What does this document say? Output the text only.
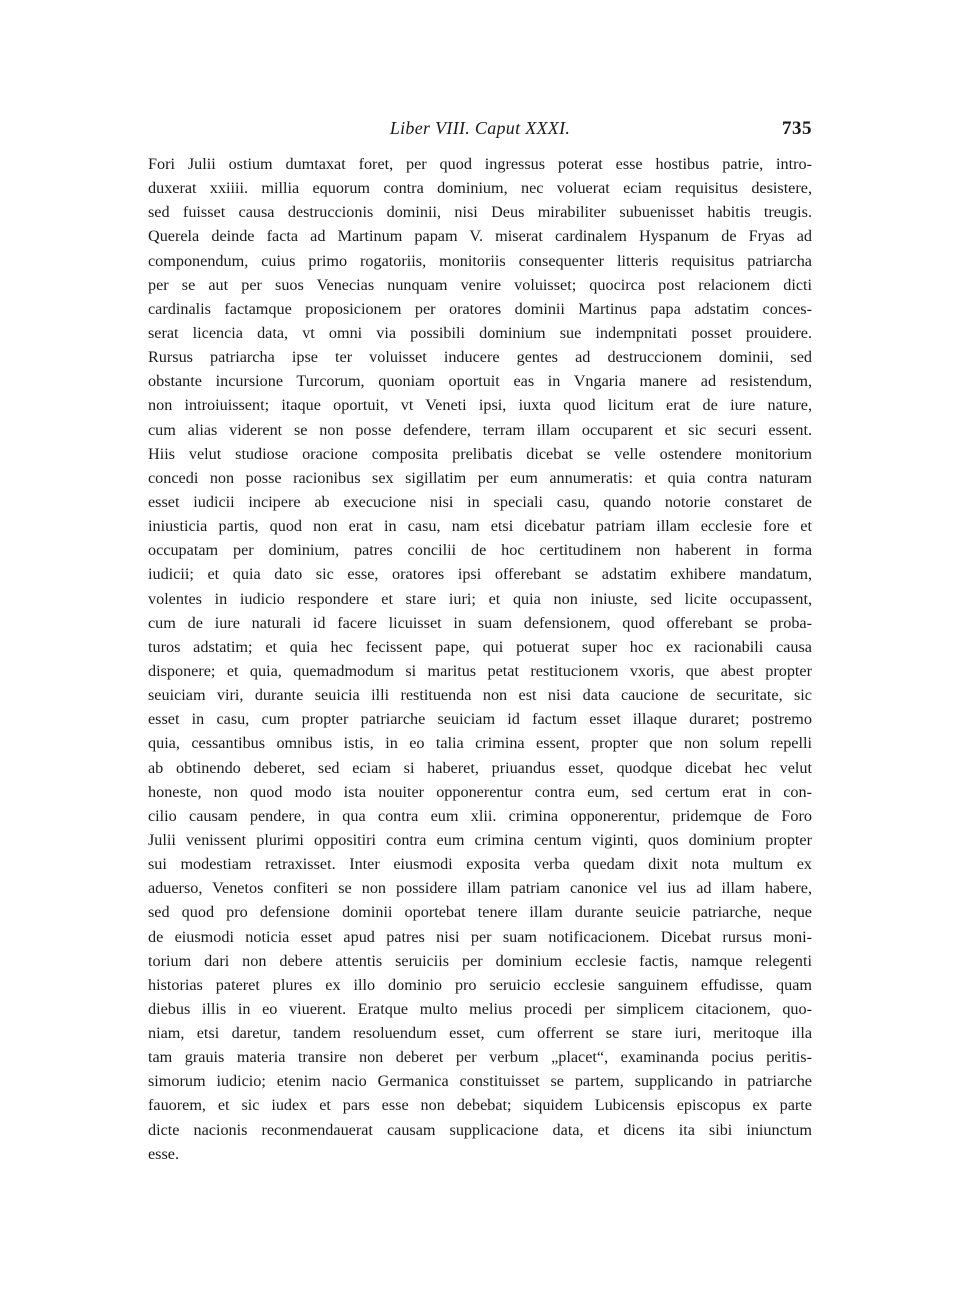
Liber VIII. Caput XXXI.	735
Fori Julii ostium dumtaxat foret, per quod ingressus poterat esse hostibus patrie, intro-
duxerat xxiiii. millia equorum contra dominium, nec voluerat eciam requisitus desistere,
sed fuisset causa destruccionis dominii, nisi Deus mirabiliter subuenisset habitis treugis.
Querela deinde facta ad Martinum papam V. miserat cardinalem Hyspanum de Fryas ad
componendum, cuius primo rogatoriis, monitoriis consequenter litteris requisitus patriarcha
per se aut per suos Venecias nunquam venire voluisset; quocirca post relacionem dicti
cardinalis factamque proposicionem per oratores dominii Martinus papa adstatim conces-
serat licencia data, vt omni via possibili dominium sue indempnitati posset prouidere.
Rursus patriarcha ipse ter voluisset inducere gentes ad destruccionem dominii, sed
obstante incursione Turcorum, quoniam oportuit eas in Vngaria manere ad resistendum,
non introiuissent; itaque oportuit, vt Veneti ipsi, iuxta quod licitum erat de iure nature,
cum alias viderent se non posse defendere, terram illam occuparent et sic securi essent.
Hiis velut studiose oracione composita prelibatis dicebat se velle ostendere monitorium
concedi non posse racionibus sex sigillatim per eum annumeratis: et quia contra naturam
esset iudicii incipere ab execucione nisi in speciali casu, quando notorie constaret de
iniusticia partis, quod non erat in casu, nam etsi dicebatur patriam illam ecclesie fore et
occupatam per dominium, patres concilii de hoc certitudinem non haberent in forma
iudicii; et quia dato sic esse, oratores ipsi offerebant se adstatim exhibere mandatum,
volentes in iudicio respondere et stare iuri; et quia non iniuste, sed licite occupassent,
cum de iure naturali id facere licuisset in suam defensionem, quod offerebant se proba-
turos adstatim; et quia hec fecissent pape, qui potuerat super hoc ex racionabili causa
disponere; et quia, quemadmodum si maritus petat restitucionem vxoris, que abest propter
seuiciam viri, durante seuicia illi restituenda non est nisi data caucione de securitate, sic
esset in casu, cum propter patriarche seuiciam id factum esset illaque duraret; postremo
quia, cessantibus omnibus istis, in eo talia crimina essent, propter que non solum repelli
ab obtinendo deberet, sed eciam si haberet, priuandus esset, quodque dicebat hec velut
honeste, non quod modo ista nouiter opponerentur contra eum, sed certum erat in con-
cilio causam pendere, in qua contra eum xlii. crimina opponerentur, pridemque de Foro
Julii venissent plurimi oppositiri contra eum crimina centum viginti, quos dominium propter
sui modestiam retraxisset. Inter eiusmodi exposita verba quedam dixit nota multum ex
aduerso, Venetos confiteri se non possidere illam patriam canonice vel ius ad illam habere,
sed quod pro defensione dominii oportebat tenere illam durante seuicie patriarche, neque
de eiusmodi noticia esset apud patres nisi per suam notificacionem. Dicebat rursus moni-
torium dari non debere attentis seruiciis per dominium ecclesie factis, namque relegenti
historias pateret plures ex illo dominio pro seruicio ecclesie sanguinem effudisse, quam
diebus illis in eo viuerent. Eratque multo melius procedi per simplicem citacionem, quo-
niam, etsi daretur, tandem resoluendum esset, cum offerrent se stare iuri, meritoque illa
tam grauis materia transire non deberet per verbum „placet“, examinanda pocius peritis-
simorum iudicio; etenim nacio Germanica constituisset se partem, supplicando in patriarche
fauorem, et sic iudex et pars esse non debebat; siquidem Lubicensis episcopus ex parte
dicte nacionis reconmendauerat causam supplicacione data, et dicens ita sibi iniunctum
esse.
